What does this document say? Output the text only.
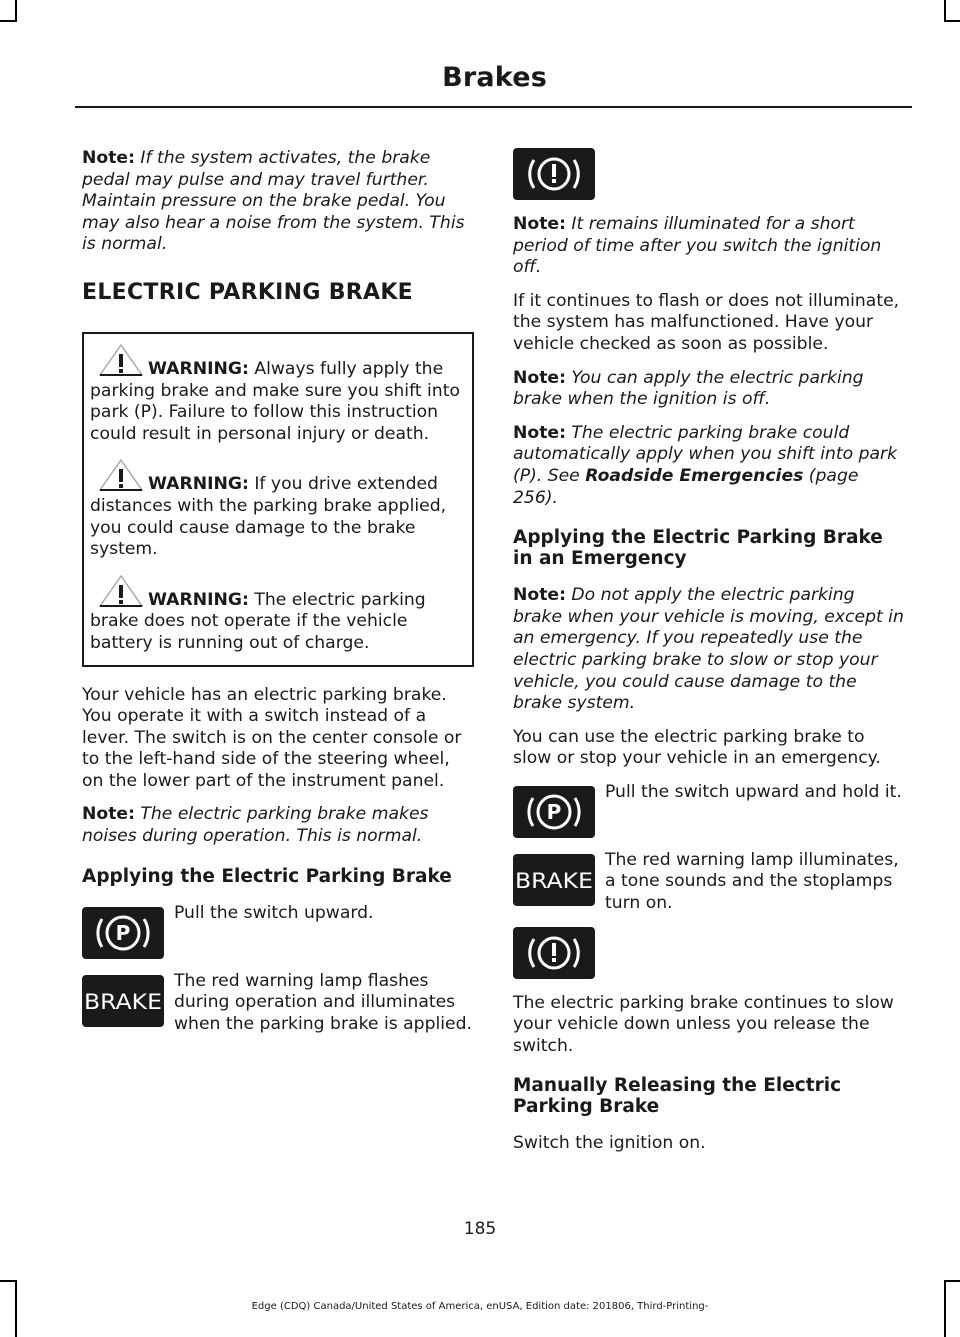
Brakes

Note: If the system activates, the brake pedal may pulse and may travel further. Maintain pressure on the brake pedal. You may also hear a noise from the system. This is normal.

ELECTRIC PARKING BRAKE

WARNING: Always fully apply the parking brake and make sure you shift into park (P). Failure to follow this instruction could result in personal injury or death.

WARNING: If you drive extended distances with the parking brake applied, you could cause damage to the brake system.

WARNING: The electric parking brake does not operate if the vehicle battery is running out of charge.

Your vehicle has an electric parking brake. You operate it with a switch instead of a lever. The switch is on the center console or to the left-hand side of the steering wheel, on the lower part of the instrument panel.

Note: The electric parking brake makes noises during operation. This is normal.

Applying the Electric Parking Brake
P
Pull the switch upward.
BRAKE
The red warning lamp flashes during operation and illuminates when the parking brake is applied.

Note: It remains illuminated for a short period of time after you switch the ignition off.

If it continues to flash or does not illuminate, the system has malfunctioned. Have your vehicle checked as soon as possible.

Note: You can apply the electric parking brake when the ignition is off.

Note: The electric parking brake could automatically apply when you shift into park (P). See Roadside Emergencies (page 256).

Applying the Electric Parking Brake in an Emergency

Note: Do not apply the electric parking brake when your vehicle is moving, except in an emergency. If you repeatedly use the electric parking brake to slow or stop your vehicle, you could cause damage to the brake system.

You can use the electric parking brake to slow or stop your vehicle in an emergency.

P
Pull the switch upward and hold it.
BRAKE
The red warning lamp illuminates, a tone sounds and the stoplamps turn on.

The electric parking brake continues to slow your vehicle down unless you release the switch.

Manually Releasing the Electric Parking Brake

Switch the ignition on.

185
Edge (CDQ) Canada/United States of America, enUSA, Edition date: 201806, Third-Printing-
